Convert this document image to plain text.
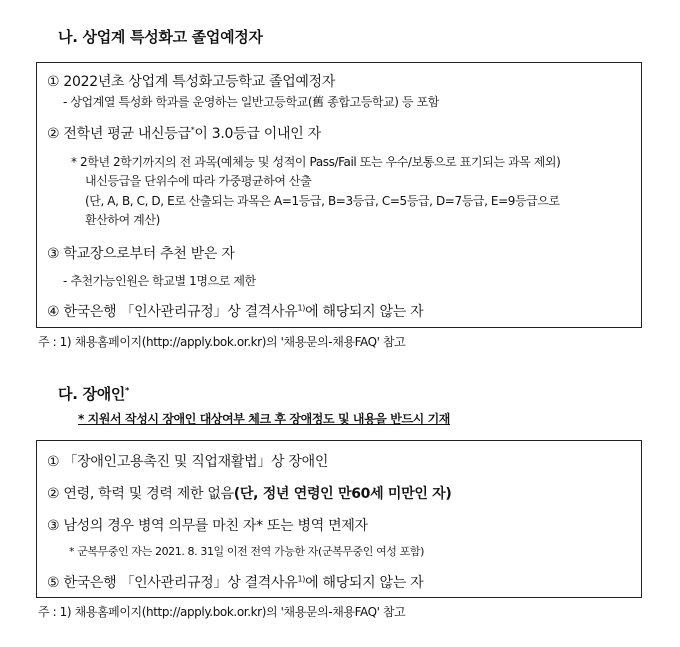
나. 상업계 특성화고 졸업예정자
① 2022년초 상업계 특성화고등학교 졸업예정자
- 상업계열 특성화 학과를 운영하는 일반고등학교(舊 종합고등학교) 등 포함
② 전학년 평균 내신등급*이 3.0등급 이내인 자
* 2학년 2학기까지의 전 과목(예체능 및 성적이 Pass/Fail 또는 우수/보통으로 표기되는 과목 제외)
내신등급을 단위수에 따라 가중평균하여 산출
(단, A, B, C, D, E로 산출되는 과목은 A=1등급, B=3등급, C=5등급, D=7등급, E=9등급으로
환산하여 계산)
③ 학교장으로부터 추천 받은 자
- 추천가능인원은 학교별 1명으로 제한
④ 한국은행 「인사관리규정」상 결격사유$^{1)}$에 해당되지 않는 자
주 : 1) 채용홈페이지(http://apply.bok.or.kr)의 '채용문의-채용FAQ' 참고
다. 장애인*
* 지원서 작성시 장애인 대상여부 체크 후 장애정도 및 내용을 반드시 기재
① 「장애인고용촉진 및 직업재활법」상 장애인
② 연령, 학력 및 경력 제한 없음(단, 정년 연령인 만60세 미만인 자)
③ 남성의 경우 병역 의무를 마친 자* 또는 병역 면제자
* 군복무중인 자는 2021. 8. 31일 이전 전역 가능한 자(군복무중인 여성 포함)
⑤ 한국은행 「인사관리규정」상 결격사유$^{1)}$에 해당되지 않는 자
주 : 1) 채용홈페이지(http://apply.bok.or.kr)의 '채용문의-채용FAQ' 참고
